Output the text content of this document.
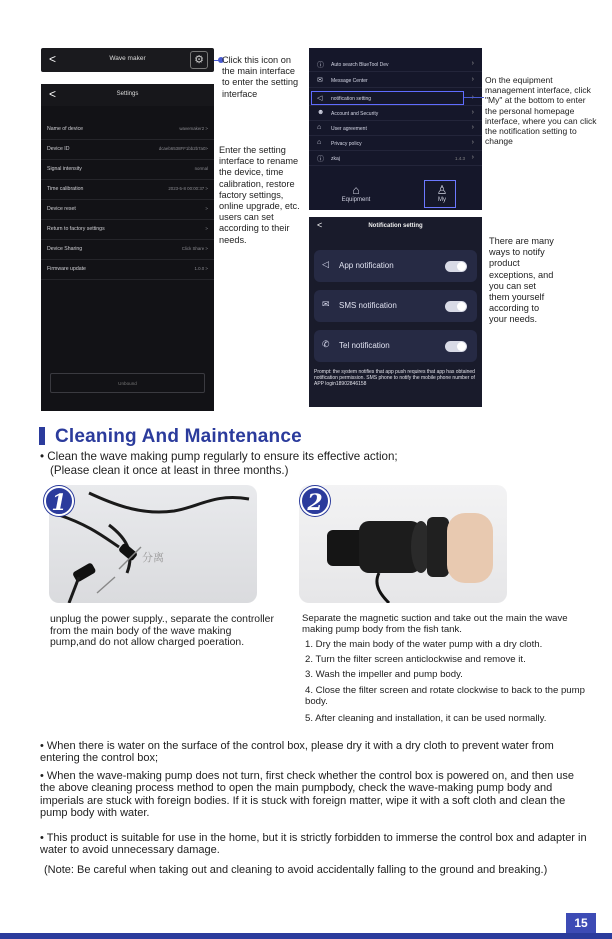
<	Wave maker	⚙	Click this icon on the main interface to enter the setting interface
<	Settings
Name of device	wavemaker2 >
Device ID	dcaeb6538FF1bb2b7a0>
Signal intensity	normal
Time calibration	2023-5-8 00:00:37 >
Device reset	>
Return to factory settings	>
Device Sharing	Click Share >
Firmware update	1.0.0 >
Unbound
Enter the setting interface to rename the device, time calibration, restore factory settings, online upgrade, etc. users can set according to their needs.
ⓘ Auto search BlueTool Dev	›
✉ Message Center	›
◁ notification setting
☻ Account and Security	›
⌂ User agreement	›
⌂ Privacy policy	›
ⓘ zkaj	1.4.3 ›
⌂
Equipment
♙
My
On the equipment management interface, click "My" at the bottom to enter the personal homepage interface, where you can click the notification setting to change
<	Notification setting
◁ App notification
✉ SMS notification
✆ Tel notification
Prompt: the system notifies that app push requires that app has obtained notification permission. SMS phone to notify the mobile phone number of APP login18902846158
There are many ways to notify product exceptions, and you can set them yourself according to your needs.
Cleaning And Maintenance
• Clean the wave making pump regularly to ensure its effective action;
(Please clean it once at least in three months.)
分离
1	2
unplug the power supply., separate the controller from the main body of the wave making pump,and do not allow charged poeration.
Separate the magnetic suction and take out the main the wave making pump body from the fish tank.
1. Dry the main body of the water pump with a dry cloth.
2. Turn the filter screen anticlockwise and remove it.
3. Wash the impeller and pump body.
4. Close the filter screen and rotate clockwise to back to the pump body.
5. After cleaning and installation, it can be used normally.
• When there is water on the surface of the control box, please dry it with a dry cloth to prevent water from entering the control box;
• When the wave-making pump does not turn, first check whether the control box is powered on, and then use the above cleaning process method to open the main pumpbody, check the wave-making pump body and imperials are stuck with foreign bodies. If it is stuck with foreign matter, wipe it with a soft cloth and clean the pump body with water.
• This product is suitable for use in the home, but it is strictly forbidden to immerse the control box and adapter in water to avoid unnecessary damage.
(Note: Be careful when taking out and cleaning to avoid accidentally falling to the ground and breaking.)
15
